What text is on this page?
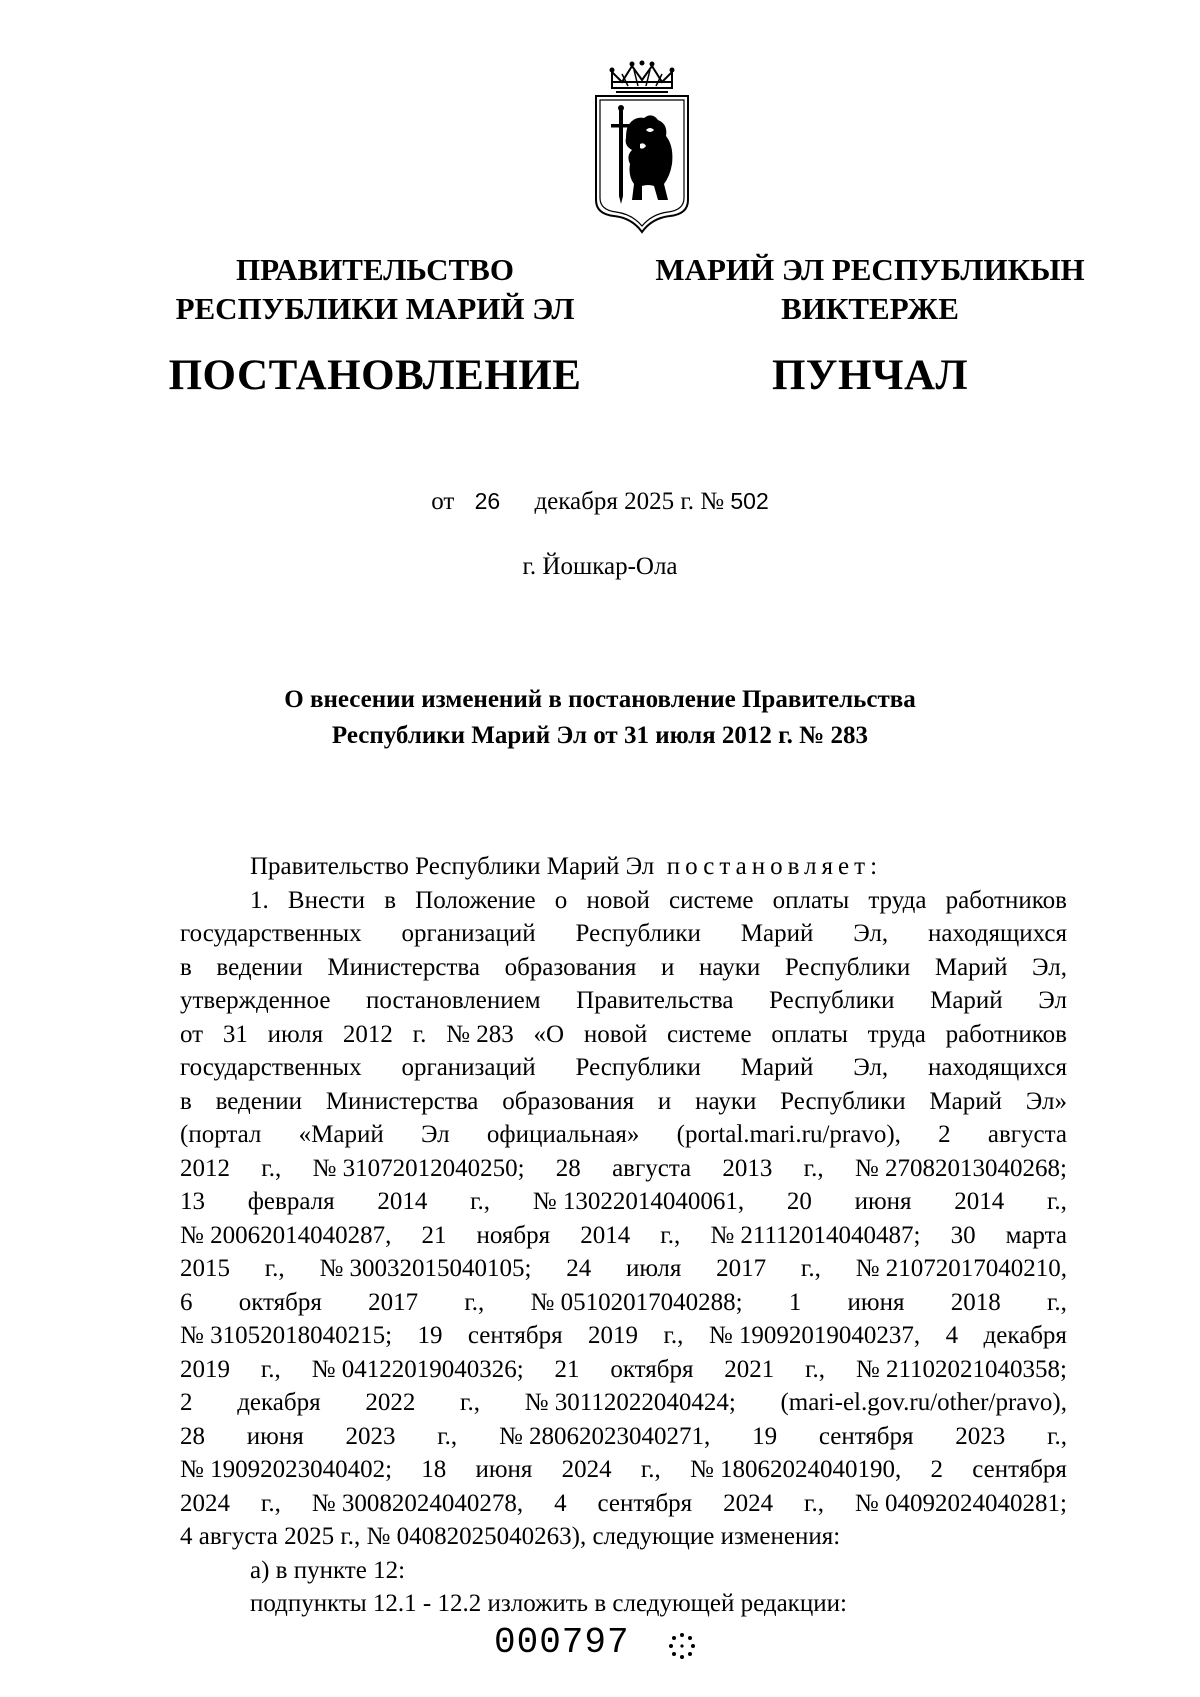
ПРАВИТЕЛЬСТВО
РЕСПУБЛИКИ МАРИЙ ЭЛ
ПОСТАНОВЛЕНИЕ
МАРИЙ ЭЛ РЕСПУБЛИКЫН
ВИКТЕРЖЕ
ПУНЧАЛ
от 26 декабря 2025 г. № 502
г. Йошкар-Ола
О внесении изменений в постановление Правительства
Республики Марий Эл от 31 июля 2012 г. № 283
Правительство Республики Марий Эл
постановляет:
1. Внести в Положение о новой системе оплаты труда работников
государственных организаций Республики Марий Эл, находящихся
в ведении Министерства образования и науки Республики Марий Эл,
утвержденное постановлением Правительства Республики Марий Эл
от 31 июля 2012 г. № 283 «О новой системе оплаты труда работников
государственных организаций Республики Марий Эл, находящихся
в ведении Министерства образования и науки Республики Марий Эл»
(портал «Марий Эл официальная» (portal.mari.ru/pravo), 2 августа
2012 г., № 31072012040250; 28 августа 2013 г., № 27082013040268;
13 февраля 2014 г., № 13022014040061, 20 июня 2014 г.,
№ 20062014040287, 21 ноября 2014 г., № 21112014040487; 30 марта
2015 г., № 30032015040105; 24 июля 2017 г., № 21072017040210,
6 октября 2017 г., № 05102017040288; 1 июня 2018 г.,
№ 31052018040215; 19 сентября 2019 г., № 19092019040237, 4 декабря
2019 г., № 04122019040326; 21 октября 2021 г., № 21102021040358;
2 декабря 2022 г., № 30112022040424; (mari-el.gov.ru/other/pravo),
28 июня 2023 г., № 28062023040271, 19 сентября 2023 г.,
№ 19092023040402; 18 июня 2024 г., № 18062024040190, 2 сентября
2024 г., № 30082024040278, 4 сентября 2024 г., № 04092024040281;
4 августа 2025 г., № 04082025040263), следующие изменения:
а) в пункте 12:
подпункты 12.1 - 12.2 изложить в следующей редакции:
000797
